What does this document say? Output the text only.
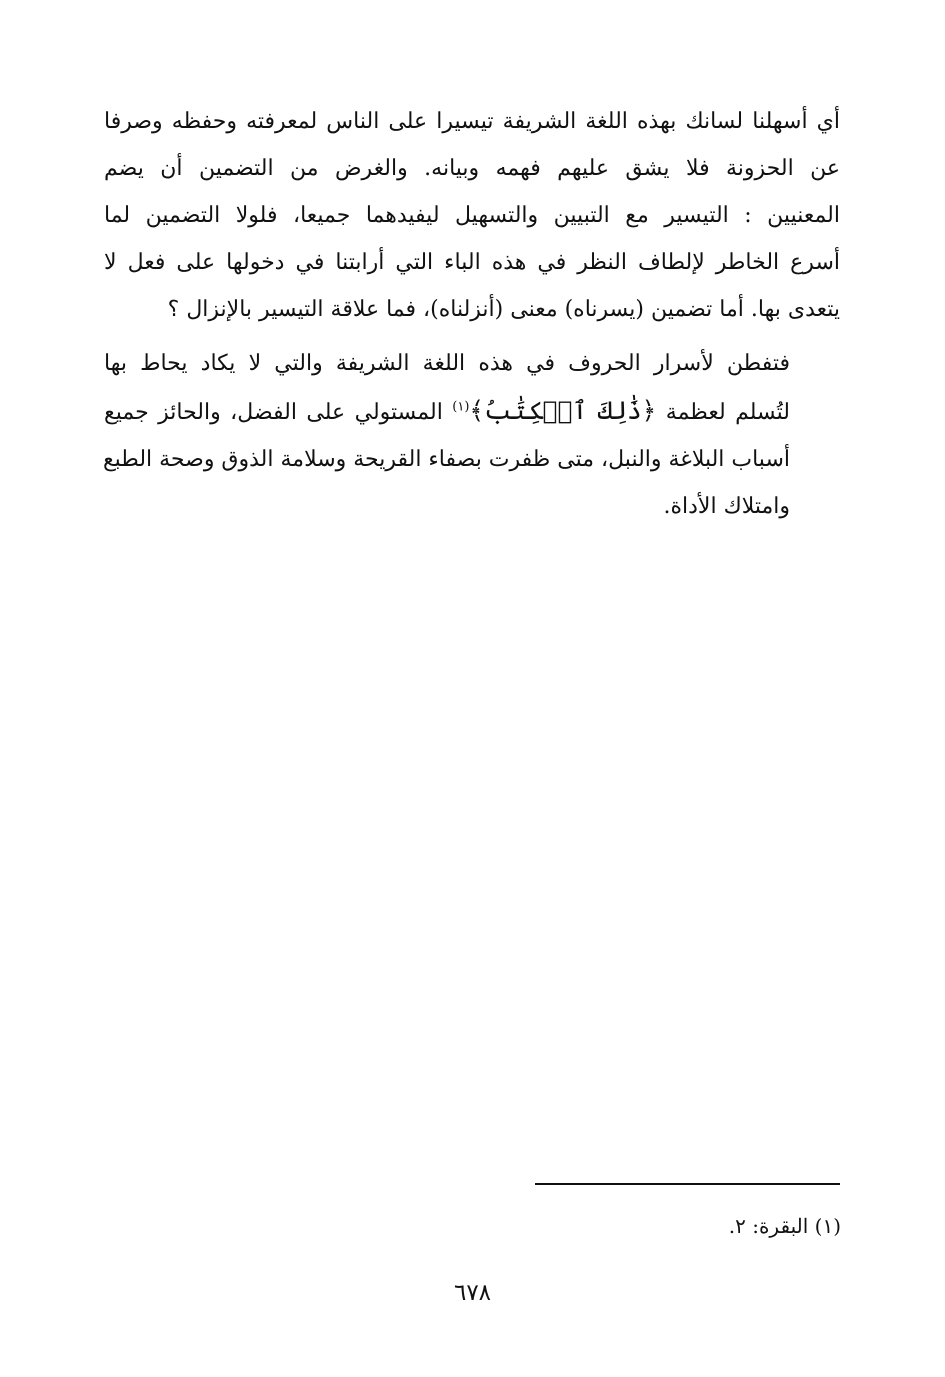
أي أسهلنا لسانك بهذه اللغة الشريفة تيسيرا على الناس لمعرفته وحفظه وصرفا
عن الحزونة فلا يشق عليهم فهمه وبيانه. والغرض من التضمين أن يضم
المعنيين : التيسير مع التبيين والتسهيل ليفيدهما جميعا، فلولا التضمين لما
أسرع الخاطر لإلطاف النظر في هذه الباء التي أرابتنا في دخولها على فعل لا
يتعدى بها. أما تضمين (يسرناه) معنى (أنزلناه)، فما علاقة التيسير بالإنزال ؟

فتفطن لأسرار الحروف في هذه اللغة الشريفة والتي لا يكاد يحاط بها
لتُسلم لعظمة ﴿ذَٰلِكَ ٱلۡكِتَٰبُ﴾$^{(١)}$ المستولي على الفضل، والحائز جميع
أسباب البلاغة والنبل، متى ظفرت بصفاء القريحة وسلامة الذوق وصحة الطبع
وامتلاك الأداة.

(١) البقرة: ٢.
٦٧٨
